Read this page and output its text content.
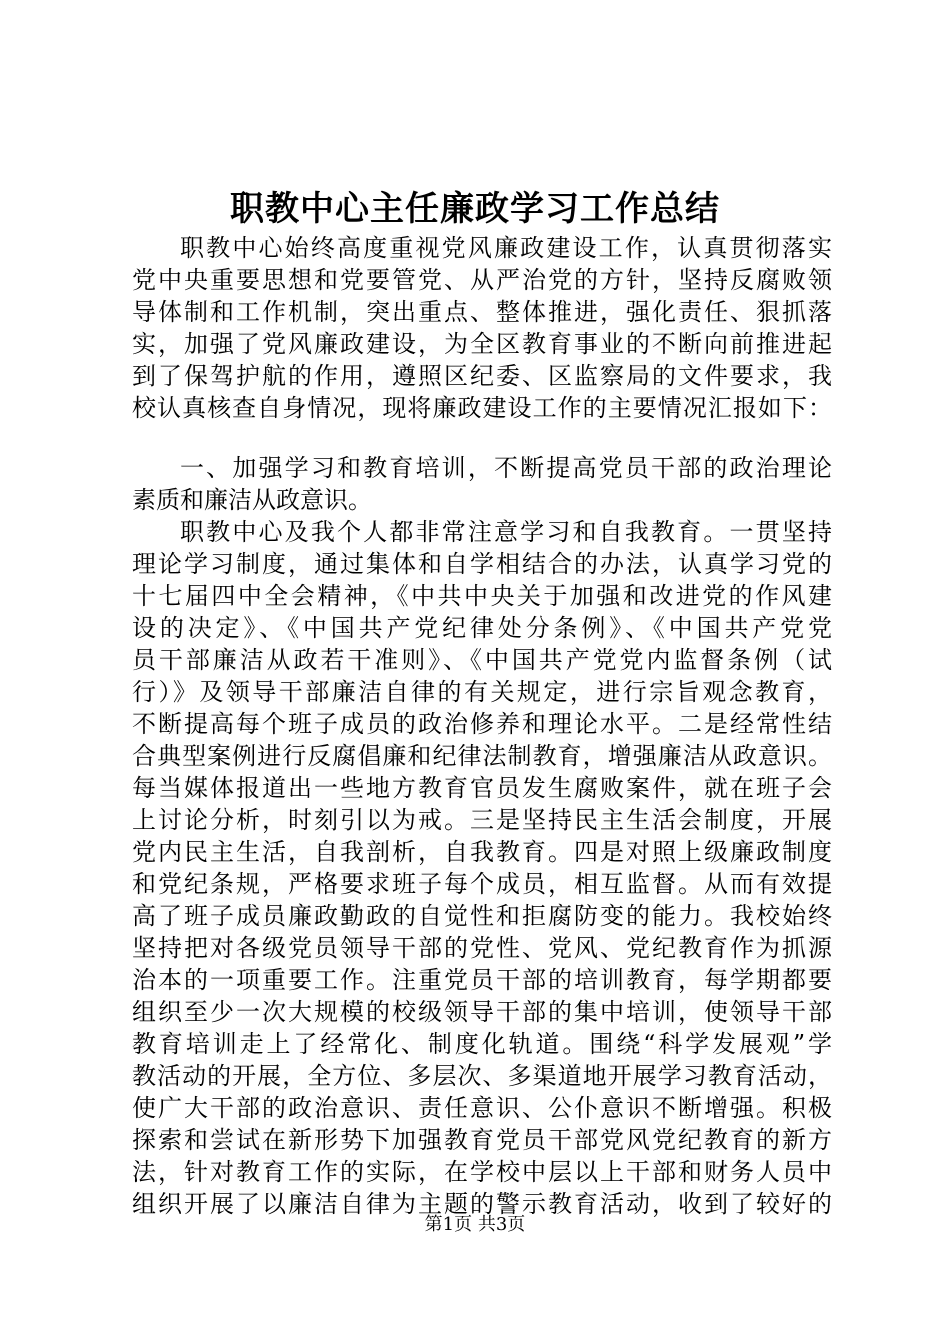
职教中心主任廉政学习工作总结
职教中心始终高度重视党风廉政建设工作，认真贯彻落实
党中央重要思想和党要管党、从严治党的方针，坚持反腐败领
导体制和工作机制，突出重点、整体推进，强化责任、狠抓落
实，加强了党风廉政建设，为全区教育事业的不断向前推进起
到了保驾护航的作用，遵照区纪委、区监察局的文件要求，我
校认真核查自身情况，现将廉政建设工作的主要情况汇报如下：
一、加强学习和教育培训，不断提高党员干部的政治理论
素质和廉洁从政意识。
职教中心及我个人都非常注意学习和自我教育。一贯坚持
理论学习制度，通过集体和自学相结合的办法，认真学习党的
十七届四中全会精神，《中共中央关于加强和改进党的作风建
设的决定》、《中国共产党纪律处分条例》、《中国共产党党
员干部廉洁从政若干准则》、《中国共产党党内监督条例（试
行）》及领导干部廉洁自律的有关规定，进行宗旨观念教育，
不断提高每个班子成员的政治修养和理论水平。二是经常性结
合典型案例进行反腐倡廉和纪律法制教育，增强廉洁从政意识。
每当媒体报道出一些地方教育官员发生腐败案件，就在班子会
上讨论分析，时刻引以为戒。三是坚持民主生活会制度，开展
党内民主生活，自我剖析，自我教育。四是对照上级廉政制度
和党纪条规，严格要求班子每个成员，相互监督。从而有效提
高了班子成员廉政勤政的自觉性和拒腐防变的能力。我校始终
坚持把对各级党员领导干部的党性、党风、党纪教育作为抓源
治本的一项重要工作。注重党员干部的培训教育，每学期都要
组织至少一次大规模的校级领导干部的集中培训，使领导干部
教育培训走上了经常化、制度化轨道。围绕“科学发展观”学
教活动的开展，全方位、多层次、多渠道地开展学习教育活动，
使广大干部的政治意识、责任意识、公仆意识不断增强。积极
探索和尝试在新形势下加强教育党员干部党风党纪教育的新方
法，针对教育工作的实际，在学校中层以上干部和财务人员中
组织开展了以廉洁自律为主题的警示教育活动，收到了较好的
第1页 共3页
